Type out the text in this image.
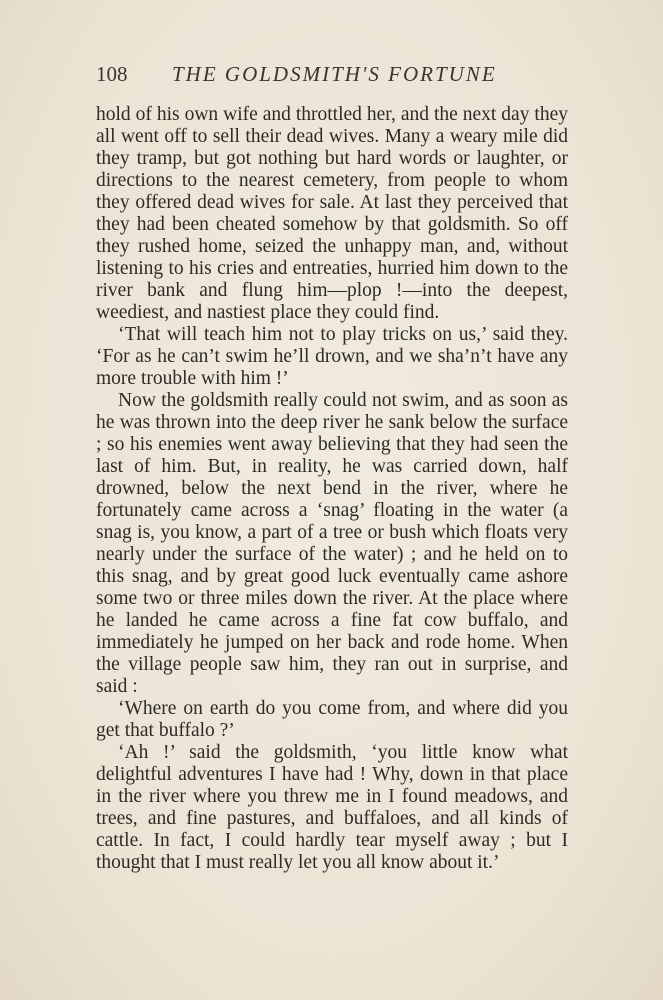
108 THE GOLDSMITH'S FORTUNE

hold of his own wife and throttled her, and the next day they all went off to sell their dead wives. Many a weary mile did they tramp, but got nothing but hard words or laughter, or directions to the nearest cemetery, from people to whom they offered dead wives for sale. At last they perceived that they had been cheated somehow by that goldsmith. So off they rushed home, seized the unhappy man, and, without listening to his cries and entreaties, hurried him down to the river bank and flung him—plop !—into the deepest, weediest, and nastiest place they could find.

‘That will teach him not to play tricks on us,’ said they. ‘For as he can’t swim he’ll drown, and we sha’n’t have any more trouble with him !’

Now the goldsmith really could not swim, and as soon as he was thrown into the deep river he sank below the surface ; so his enemies went away believing that they had seen the last of him. But, in reality, he was carried down, half drowned, below the next bend in the river, where he fortunately came across a ‘snag’ floating in the water (a snag is, you know, a part of a tree or bush which floats very nearly under the surface of the water) ; and he held on to this snag, and by great good luck eventually came ashore some two or three miles down the river. At the place where he landed he came across a fine fat cow buffalo, and immediately he jumped on her back and rode home. When the village people saw him, they ran out in surprise, and said :

‘Where on earth do you come from, and where did you get that buffalo ?’

‘Ah !’ said the goldsmith, ‘you little know what delightful adventures I have had ! Why, down in that place in the river where you threw me in I found meadows, and trees, and fine pastures, and buffaloes, and all kinds of cattle. In fact, I could hardly tear myself away ; but I thought that I must really let you all know about it.’
